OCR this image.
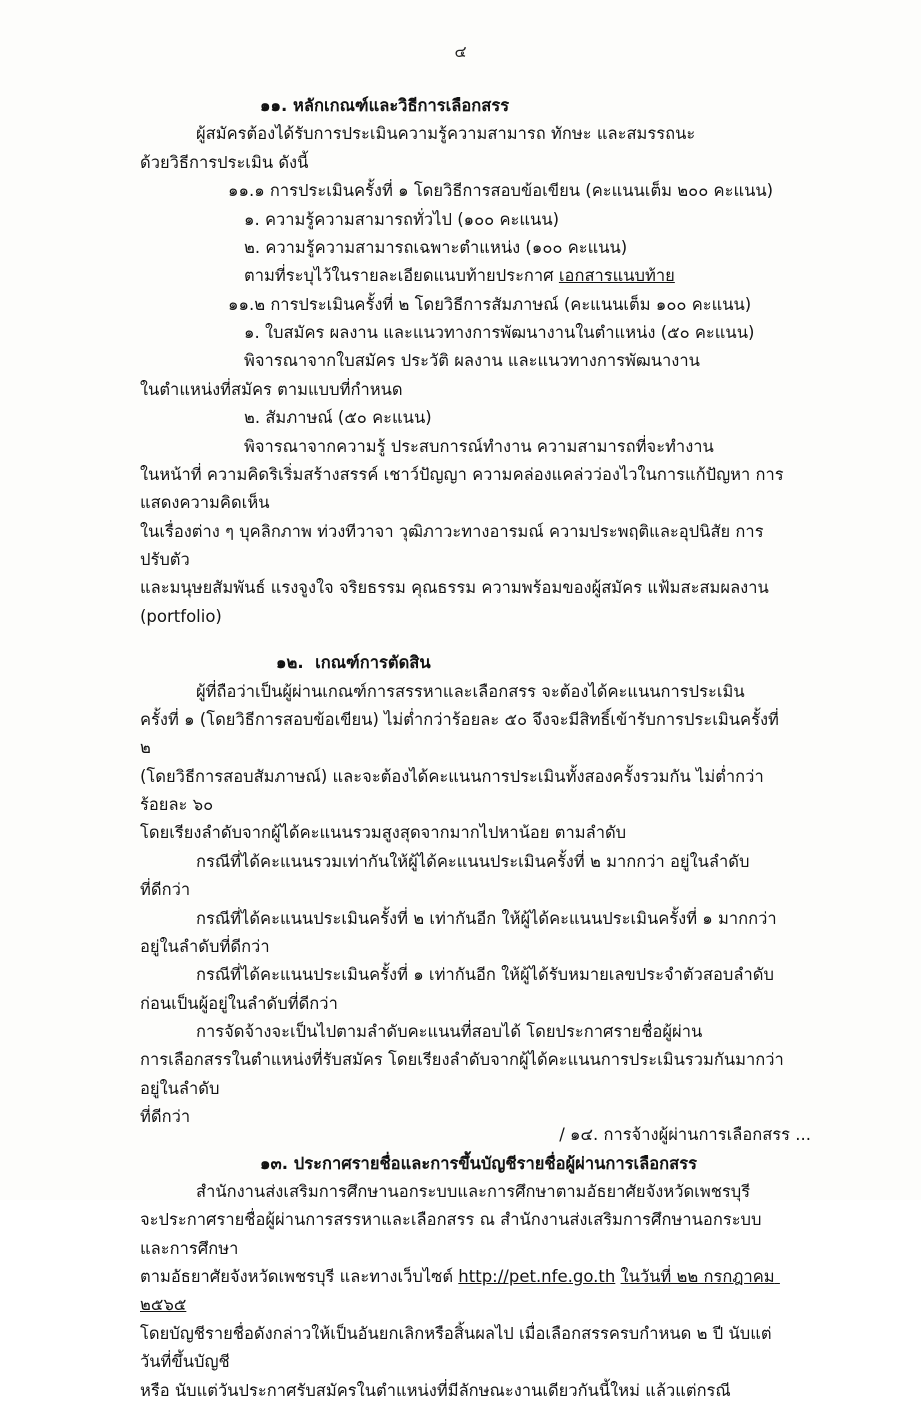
๔
๑๑. หลักเกณฑ์และวิธีการเลือกสรร
ผู้สมัครต้องได้รับการประเมินความรู้ความสามารถ ทักษะ และสมรรถนะ
ด้วยวิธีการประเมิน ดังนี้
๑๑.๑ การประเมินครั้งที่ ๑ โดยวิธีการสอบข้อเขียน (คะแนนเต็ม ๒๐๐ คะแนน)
๑. ความรู้ความสามารถทั่วไป (๑๐๐ คะแนน)
๒. ความรู้ความสามารถเฉพาะตำแหน่ง (๑๐๐ คะแนน)
ตามที่ระบุไว้ในรายละเอียดแนบท้ายประกาศ เอกสารแนบท้าย
๑๑.๒ การประเมินครั้งที่ ๒ โดยวิธีการสัมภาษณ์ (คะแนนเต็ม ๑๐๐ คะแนน)
๑. ใบสมัคร ผลงาน และแนวทางการพัฒนางานในตำแหน่ง (๕๐ คะแนน)
พิจารณาจากใบสมัคร ประวัติ ผลงาน และแนวทางการพัฒนางาน
ในตำแหน่งที่สมัคร ตามแบบที่กำหนด
๒. สัมภาษณ์ (๕๐ คะแนน)
พิจารณาจากความรู้ ประสบการณ์ทำงาน ความสามารถที่จะทำงาน
ในหน้าที่ ความคิดริเริ่มสร้างสรรค์ เชาว์ปัญญา ความคล่องแคล่วว่องไวในการแก้ปัญหา การแสดงความคิดเห็น
ในเรื่องต่าง ๆ บุคลิกภาพ ท่วงทีวาจา วุฒิภาวะทางอารมณ์ ความประพฤติและอุปนิสัย การปรับตัว
และมนุษยสัมพันธ์ แรงจูงใจ จริยธรรม คุณธรรม ความพร้อมของผู้สมัคร แฟ้มสะสมผลงาน (portfolio)
๑๒.  เกณฑ์การตัดสิน
ผู้ที่ถือว่าเป็นผู้ผ่านเกณฑ์การสรรหาและเลือกสรร จะต้องได้คะแนนการประเมิน
ครั้งที่ ๑ (โดยวิธีการสอบข้อเขียน) ไม่ต่ำกว่าร้อยละ ๕๐ จึงจะมีสิทธิ์เข้ารับการประเมินครั้งที่ ๒
(โดยวิธีการสอบสัมภาษณ์) และจะต้องได้คะแนนการประเมินทั้งสองครั้งรวมกัน ไม่ต่ำกว่าร้อยละ ๖๐
โดยเรียงลำดับจากผู้ได้คะแนนรวมสูงสุดจากมากไปหาน้อย ตามลำดับ
กรณีที่ได้คะแนนรวมเท่ากันให้ผู้ได้คะแนนประเมินครั้งที่ ๒ มากกว่า อยู่ในลำดับ
ที่ดีกว่า
กรณีที่ได้คะแนนประเมินครั้งที่ ๒ เท่ากันอีก ให้ผู้ได้คะแนนประเมินครั้งที่ ๑ มากกว่า
อยู่ในลำดับที่ดีกว่า
กรณีที่ได้คะแนนประเมินครั้งที่ ๑ เท่ากันอีก ให้ผู้ได้รับหมายเลขประจำตัวสอบลำดับ
ก่อนเป็นผู้อยู่ในลำดับที่ดีกว่า
การจัดจ้างจะเป็นไปตามลำดับคะแนนที่สอบได้ โดยประกาศรายชื่อผู้ผ่าน
การเลือกสรรในตำแหน่งที่รับสมัคร โดยเรียงลำดับจากผู้ได้คะแนนการประเมินรวมกันมากว่าอยู่ในลำดับ
ที่ดีกว่า
๑๓. ประกาศรายชื่อและการขึ้นบัญชีรายชื่อผู้ผ่านการเลือกสรร
สำนักงานส่งเสริมการศึกษานอกระบบและการศึกษาตามอัธยาศัยจังหวัดเพชรบุรี
จะประกาศรายชื่อผู้ผ่านการสรรหาและเลือกสรร ณ สำนักงานส่งเสริมการศึกษานอกระบบและการศึกษา
ตามอัธยาศัยจังหวัดเพชรบุรี และทางเว็บไซต์ http://pet.nfe.go.th ในวันที่ ๒๒ กรกฎาคม ๒๕๖๕
โดยบัญชีรายชื่อดังกล่าวให้เป็นอันยกเลิกหรือสิ้นผลไป เมื่อเลือกสรรครบกำหนด ๒ ปี นับแต่วันที่ขึ้นบัญชี
หรือ นับแต่วันประกาศรับสมัครในตำแหน่งที่มีลักษณะงานเดียวกันนี้ใหม่ แล้วแต่กรณี
/ ๑๔. การจ้างผู้ผ่านการเลือกสรร ...
